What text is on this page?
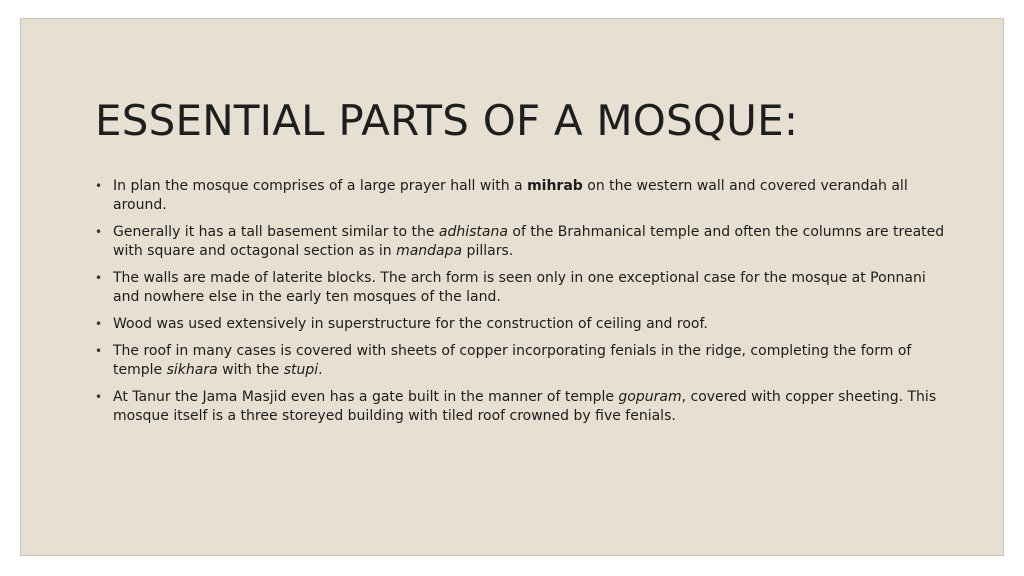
ESSENTIAL PARTS OF A MOSQUE:
• In plan the mosque comprises of a large prayer hall with a mihrab on the western wall and covered verandah all around.
• Generally it has a tall basement similar to the adhistana of the Brahmanical temple and often the columns are treated with square and octagonal section as in mandapa pillars.
• The walls are made of laterite blocks. The arch form is seen only in one exceptional case for the mosque at Ponnani and nowhere else in the early ten mosques of the land.
• Wood was used extensively in superstructure for the construction of ceiling and roof.
• The roof in many cases is covered with sheets of copper incorporating fenials in the ridge, completing the form of temple sikhara with the stupi.
• At Tanur the Jama Masjid even has a gate built in the manner of temple gopuram, covered with copper sheeting. This mosque itself is a three storeyed building with tiled roof crowned by five fenials.
